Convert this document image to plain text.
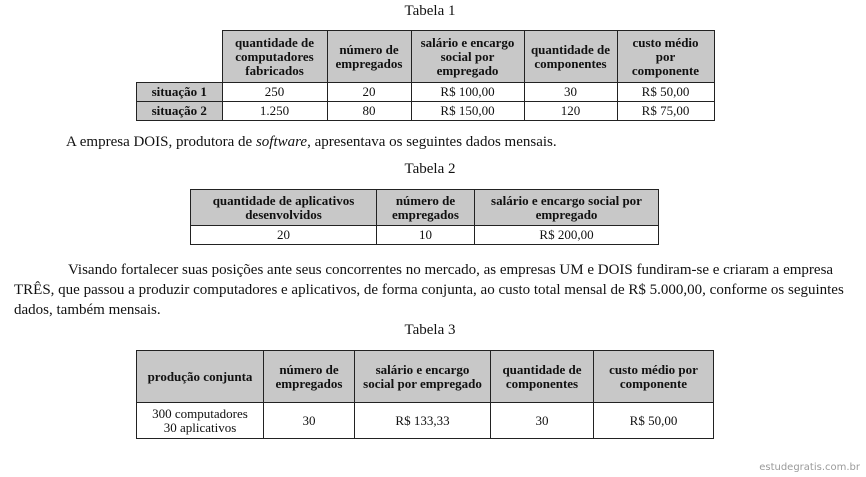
Tabela 1
	quantidade de computadores fabricados	número de empregados	salário e encargo social por empregado	quantidade de componentes	custo médio por componente
situação 1	250	20	R$ 100,00	30	R$ 50,00
situação 2	1.250	80	R$ 150,00	120	R$ 75,00
A empresa DOIS, produtora de software, apresentava os seguintes dados mensais.
Tabela 2
quantidade de aplicativos desenvolvidos	número de empregados	salário e encargo social por empregado
20	10	R$ 200,00
Visando fortalecer suas posições ante seus concorrentes no mercado, as empresas UM e DOIS fundiram-se e criaram a empresa
TRÊS, que passou a produzir computadores e aplicativos, de forma conjunta, ao custo total mensal de R$ 5.000,00, conforme os seguintes
dados, também mensais.
Tabela 3
produção conjunta	número de empregados	salário e encargo social por empregado	quantidade de componentes	custo médio por componente

300 computadores
30 aplicativos	30	R$ 133,33	30	R$ 50,00
estudegratis.com.br
